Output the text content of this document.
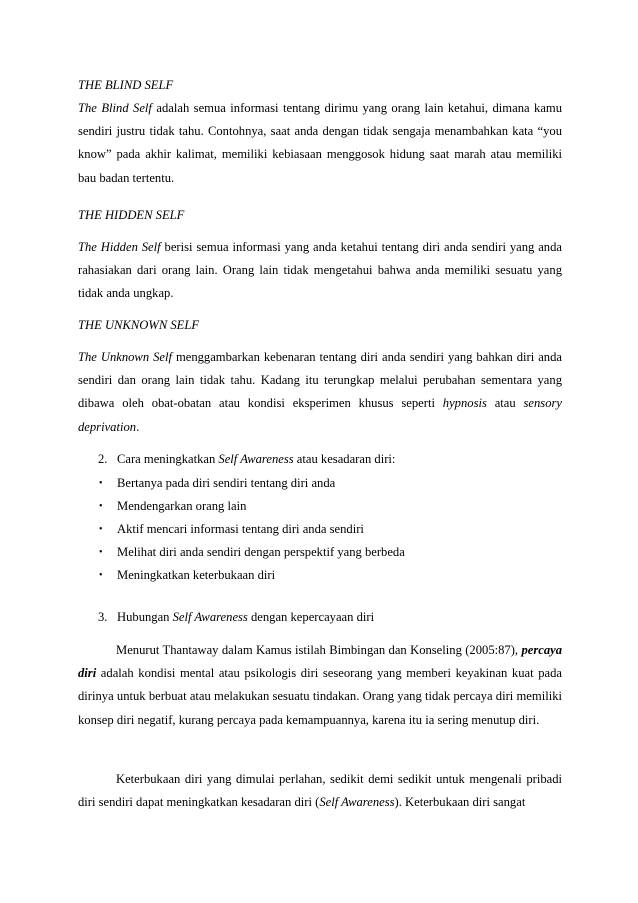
THE BLIND SELF

The Blind Self adalah semua informasi tentang dirimu yang orang lain ketahui, dimana kamu sendiri justru tidak tahu. Contohnya, saat anda dengan tidak sengaja menambahkan kata “you know” pada akhir kalimat, memiliki kebiasaan menggosok hidung saat marah atau memiliki bau badan tertentu.

THE HIDDEN SELF

The Hidden Self berisi semua informasi yang anda ketahui tentang diri anda sendiri yang anda rahasiakan dari orang lain. Orang lain tidak mengetahui bahwa anda memiliki sesuatu yang tidak anda ungkap.

THE UNKNOWN SELF

The Unknown Self menggambarkan kebenaran tentang diri anda sendiri yang bahkan diri anda sendiri dan orang lain tidak tahu. Kadang itu terungkap melalui perubahan sementara yang dibawa oleh obat-obatan atau kondisi eksperimen khusus seperti hypnosis atau sensory deprivation.

2. Cara meningkatkan Self Awareness atau kesadaran diri:
• Bertanya pada diri sendiri tentang diri anda
• Mendengarkan orang lain
• Aktif mencari informasi tentang diri anda sendiri
• Melihat diri anda sendiri dengan perspektif yang berbeda
• Meningkatkan keterbukaan diri
3. Hubungan Self Awareness dengan kepercayaan diri

Menurut Thantaway dalam Kamus istilah Bimbingan dan Konseling (2005:87), percaya diri adalah kondisi mental atau psikologis diri seseorang yang memberi keyakinan kuat pada dirinya untuk berbuat atau melakukan sesuatu tindakan. Orang yang tidak percaya diri memiliki konsep diri negatif, kurang percaya pada kemampuannya, karena itu ia sering menutup diri.

Keterbukaan diri yang dimulai perlahan, sedikit demi sedikit untuk mengenali pribadi diri sendiri dapat meningkatkan kesadaran diri (Self Awareness). Keterbukaan diri sangat
